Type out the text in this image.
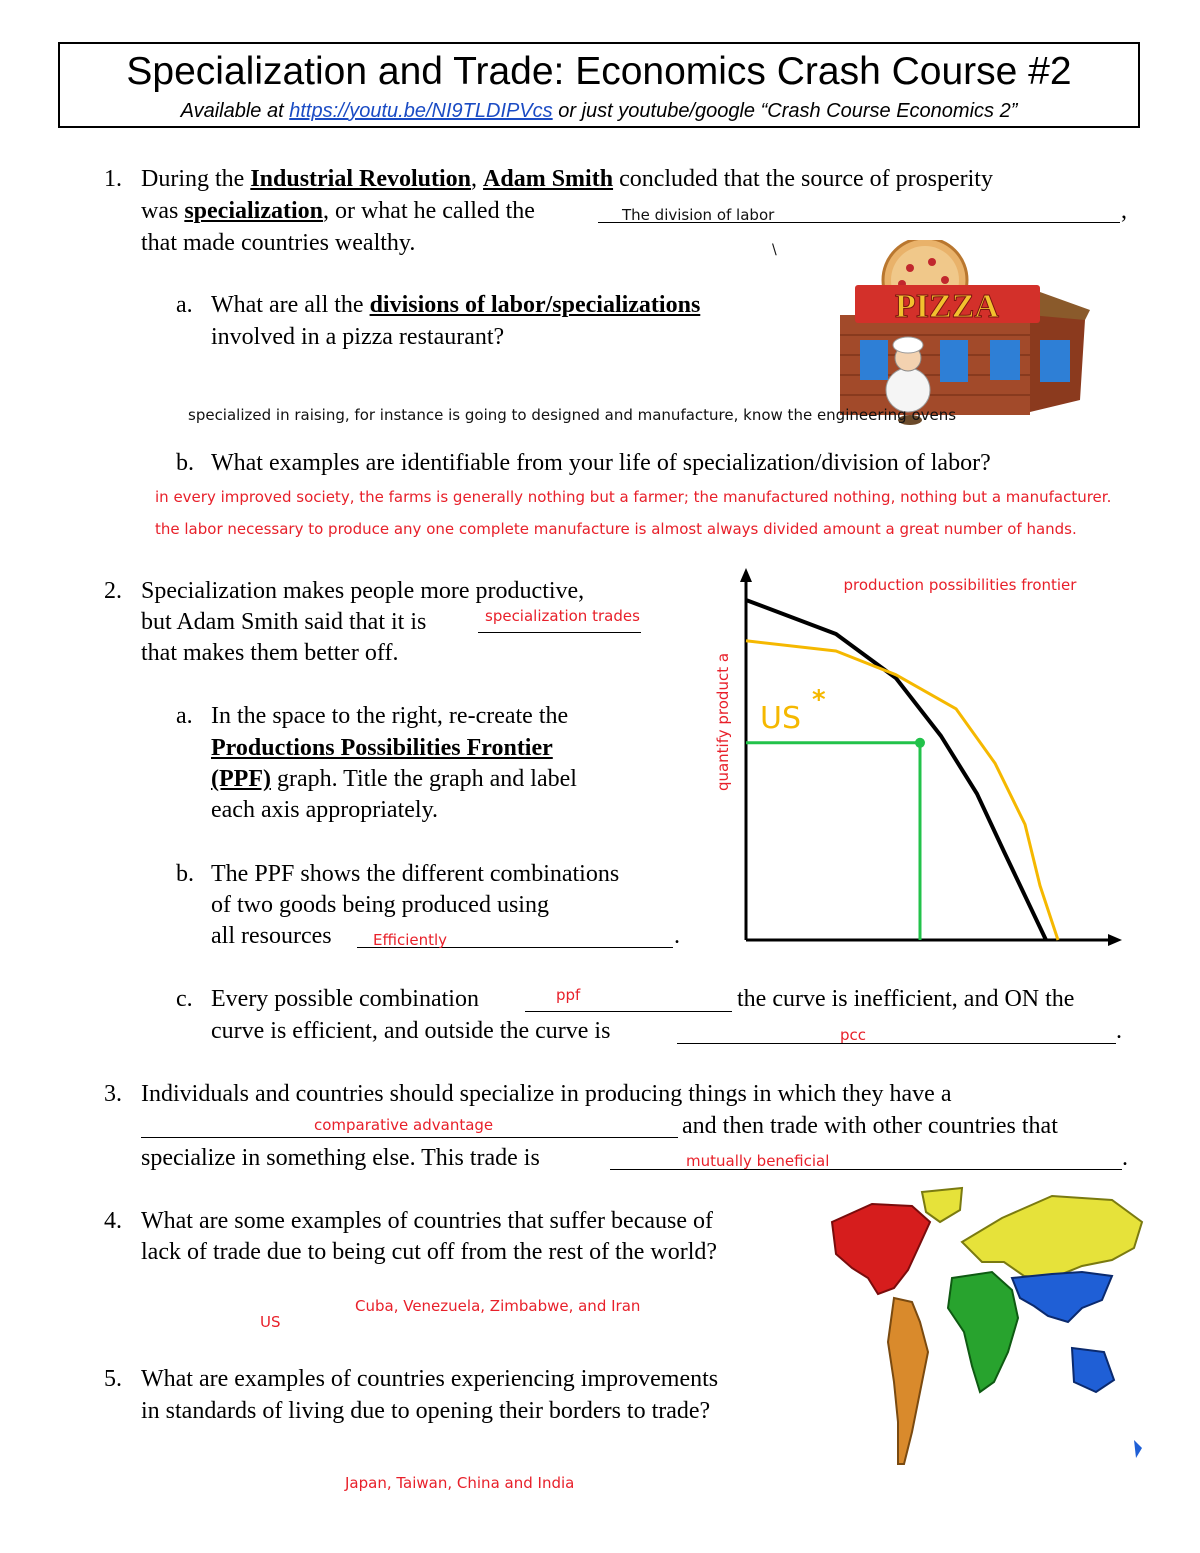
Specialization and Trade: Economics Crash Course #2
Available at https://youtu.be/NI9TLDIPVcs or just youtube/google “Crash Course Economics 2”
1. During the Industrial Revolution, Adam Smith concluded that the source of prosperity
was specialization, or what he called the	The division of labor	,
that made countries wealthy.	\
a. What are all the divisions of labor/specializations
involved in a pizza restaurant?
PIZZA
specialized in raising, for instance is going to designed and manufacture, know the engineering ovens
b. What examples are identifiable from your life of specialization/division of labor?
in every improved society, the farms is generally nothing but a farmer; the manufactured nothing, nothing but a manufacturer.
the labor necessary to produce any one complete manufacture is almost always divided amount a great number of hands.
2. Specialization makes people more productive,
but Adam Smith said that it is	specialization trades
that makes them better off.
a. In the space to the right, re-create the
Productions Possibilities Frontier
(PPF) graph. Title the graph and label
each axis appropriately.
b. The PPF shows the different combinations
of two goods being produced using
all resources	Efficiently	.
production possibilities frontier
quantify product a US
*
c. Every possible combination	ppf	the curve is inefficient, and ON the
curve is efficient, and outside the curve is	pcc	.
3. Individuals and countries should specialize in producing things in which they have a
comparative advantage	and then trade with other countries that
specialize in something else. This trade is	mutually beneficial	.
4. What are some examples of countries that suffer because of
lack of trade due to being cut off from the rest of the world?
Cuba, Venezuela, Zimbabwe, and Iran
US
5. What are examples of countries experiencing improvements
in standards of living due to opening their borders to trade?
Japan, Taiwan, China and India
